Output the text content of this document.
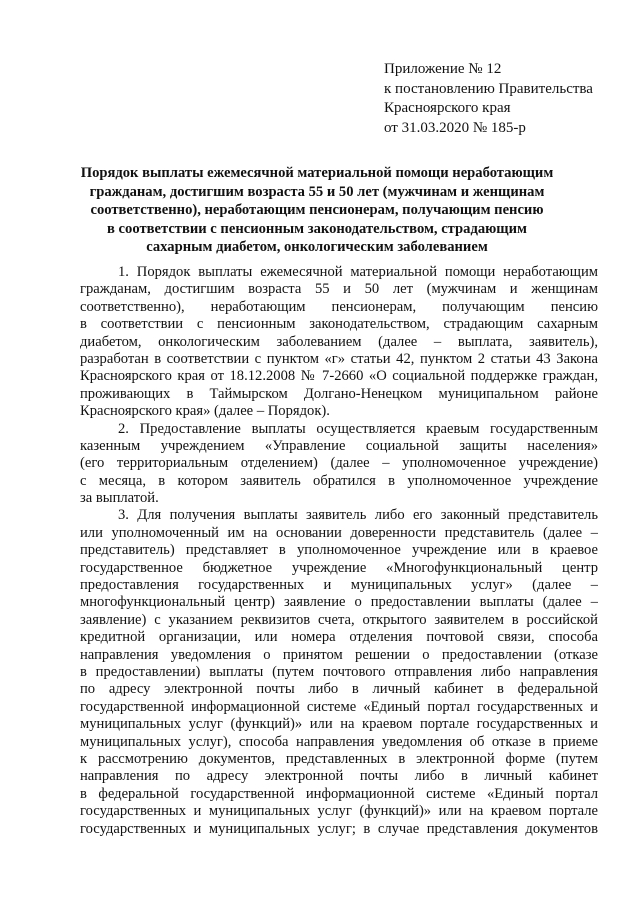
Приложение № 12
к постановлению Правительства
Красноярского края
от 31.03.2020 № 185-р
Порядок выплаты ежемесячной материальной помощи неработающим
гражданам, достигшим возраста 55 и 50 лет (мужчинам и женщинам
соответственно), неработающим пенсионерам, получающим пенсию
в соответствии с пенсионным законодательством, страдающим
сахарным диабетом, онкологическим заболеванием
1. Порядок выплаты ежемесячной материальной помощи неработающим
гражданам, достигшим возраста 55 и 50 лет (мужчинам и женщинам
соответственно), неработающим пенсионерам, получающим пенсию
в соответствии с пенсионным законодательством, страдающим сахарным
диабетом, онкологическим заболеванием (далее – выплата, заявитель),
разработан в соответствии с пунктом «г» статьи 42, пунктом 2 статьи 43 Закона
Красноярского края от 18.12.2008 № 7-2660 «О социальной поддержке граждан,
проживающих в Таймырском Долгано-Ненецком муниципальном районе
Красноярского края» (далее – Порядок).
2. Предоставление выплаты осуществляется краевым государственным
казенным учреждением «Управление социальной защиты населения»
(его территориальным отделением) (далее – уполномоченное учреждение)
с месяца, в котором заявитель обратился в уполномоченное учреждение
за выплатой.
3. Для получения выплаты заявитель либо его законный представитель
или уполномоченный им на основании доверенности представитель (далее –
представитель) представляет в уполномоченное учреждение или в краевое
государственное бюджетное учреждение «Многофункциональный центр
предоставления государственных и муниципальных услуг» (далее –
многофункциональный центр) заявление о предоставлении выплаты (далее –
заявление) с указанием реквизитов счета, открытого заявителем в российской
кредитной организации, или номера отделения почтовой связи, способа
направления уведомления о принятом решении о предоставлении (отказе
в предоставлении) выплаты (путем почтового отправления либо направления
по адресу электронной почты либо в личный кабинет в федеральной
государственной информационной системе «Единый портал государственных и
муниципальных услуг (функций)» или на краевом портале государственных и
муниципальных услуг), способа направления уведомления об отказе в приеме
к рассмотрению документов, представленных в электронной форме (путем
направления по адресу электронной почты либо в личный кабинет
в федеральной государственной информационной системе «Единый портал
государственных и муниципальных услуг (функций)» или на краевом портале
государственных и муниципальных услуг; в случае представления документов
